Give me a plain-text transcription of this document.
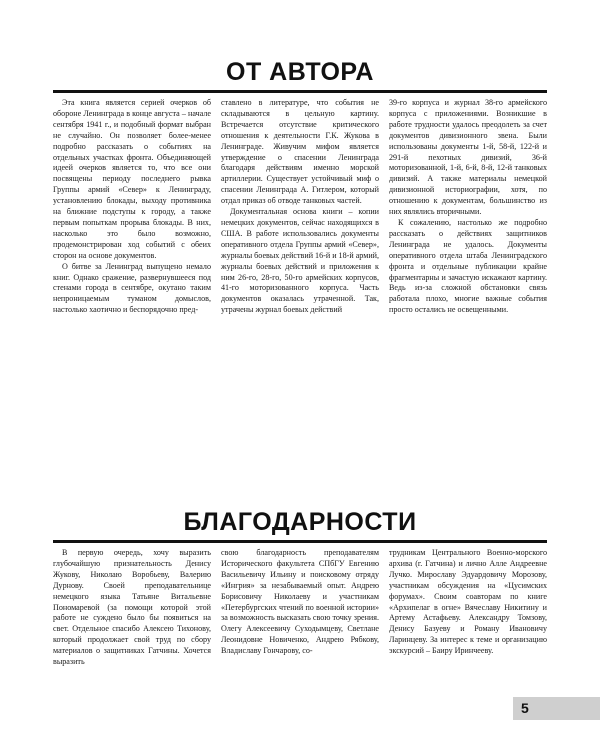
ОТ АВТОРА

Эта книга является серией очерков об обороне Ленинграда в конце августа – начале сентября 1941 г., и подобный формат выбран не случайно. Он позволяет более-менее подробно рассказать о событиях на отдельных участках фронта. Объединяющей идеей очерков является то, что все они посвящены периоду последнего рывка Группы армий «Север» к Ленинграду, установлению блокады, выходу противника на ближние подступы к городу, а также первым попыткам прорыва блокады. В них, насколько это было возможно, продемонстрирован ход событий с обеих сторон на основе документов.

О битве за Ленинград выпущено немало книг. Однако сражение, развернувшееся под стенами города в сентябре, окутано таким непроницаемым туманом домыслов, настолько хаотично и беспорядочно пред-

ставлено в литературе, что события не складываются в цельную картину. Встречается отсутствие критического отношения к деятельности Г.К. Жукова в Ленинграде. Живучим мифом является утверждение о спасении Ленинграда благодаря действиям именно морской артиллерии. Существует устойчивый миф о спасении Ленинграда А. Гитлером, который отдал приказ об отводе танковых частей.

Документальная основа книги – копии немецких документов, сейчас находящихся в США. В работе использовались документы оперативного отдела Группы армий «Север», журналы боевых действий 16-й и 18-й армий, журналы боевых действий и приложения к ним 26-го, 28-го, 50-го армейских корпусов, 41-го моторизованного корпуса. Часть документов оказалась утраченной. Так, утрачены журнал боевых действий

39-го корпуса и журнал 38-го армейского корпуса с приложениями. Возникшие в работе трудности удалось преодолеть за счет документов дивизионного звена. Были использованы документы 1-й, 58-й, 122-й и 291-й пехотных дивизий, 36-й моторизованной, 1-й, 6-й, 8-й, 12-й танковых дивизий. А также материалы немецкой дивизионной историографии, хотя, по отношению к документам, большинство из них являлись вторичными.

К сожалению, настолько же подробно рассказать о действиях защитников Ленинграда не удалось. Документы оперативного отдела штаба Ленинградского фронта и отдельные публикации крайне фрагментарны и зачастую искажают картину. Ведь из-за сложной обстановки связь работала плохо, многие важные события просто остались не освещенными.

БЛАГОДАРНОСТИ

В первую очередь, хочу выразить глубочайшую признательность Денису Жукову, Николаю Воробьеву, Валерию Дурнову. Своей преподавательнице немецкого языка Татьяне Витальевне Пономаревой (за помощи которой этой работе не суждено было бы появиться на свет. Отдельное спасибо Алексею Тихонову, который продолжает свой труд по сбору материалов о защитниках Гатчины. Хочется выразить

свою благодарность преподавателям Исторического факультета СПбГУ Евгению Васильевичу Ильину и поисковому отряду «Ингрия» за незабываемый опыт. Андрею Борисовичу Николаеву и участникам «Петербургских чтений по военной истории» за возможность высказать свою точку зрения. Олегу Алексеевичу Суходымцеву, Светлане Леонидовне Новиченко, Андрею Рябкову, Владиславу Гончарову, со-

трудникам Центрального Военно-морского архива (г. Гатчина) и лично Алле Андреевне Лучко. Мирославу Эдуардовичу Морозову, участникам обсуждения на «Цусимских форумах». Своим соавторам по книге «Архипелаг в огне» Вячеславу Никитину и Артему Астафьеву. Александру Томзову, Денису Базуеву и Роману Ивановичу Ларинцеву. За интерес к теме и организацию экскурсий – Баиру Иринчееву.

5
